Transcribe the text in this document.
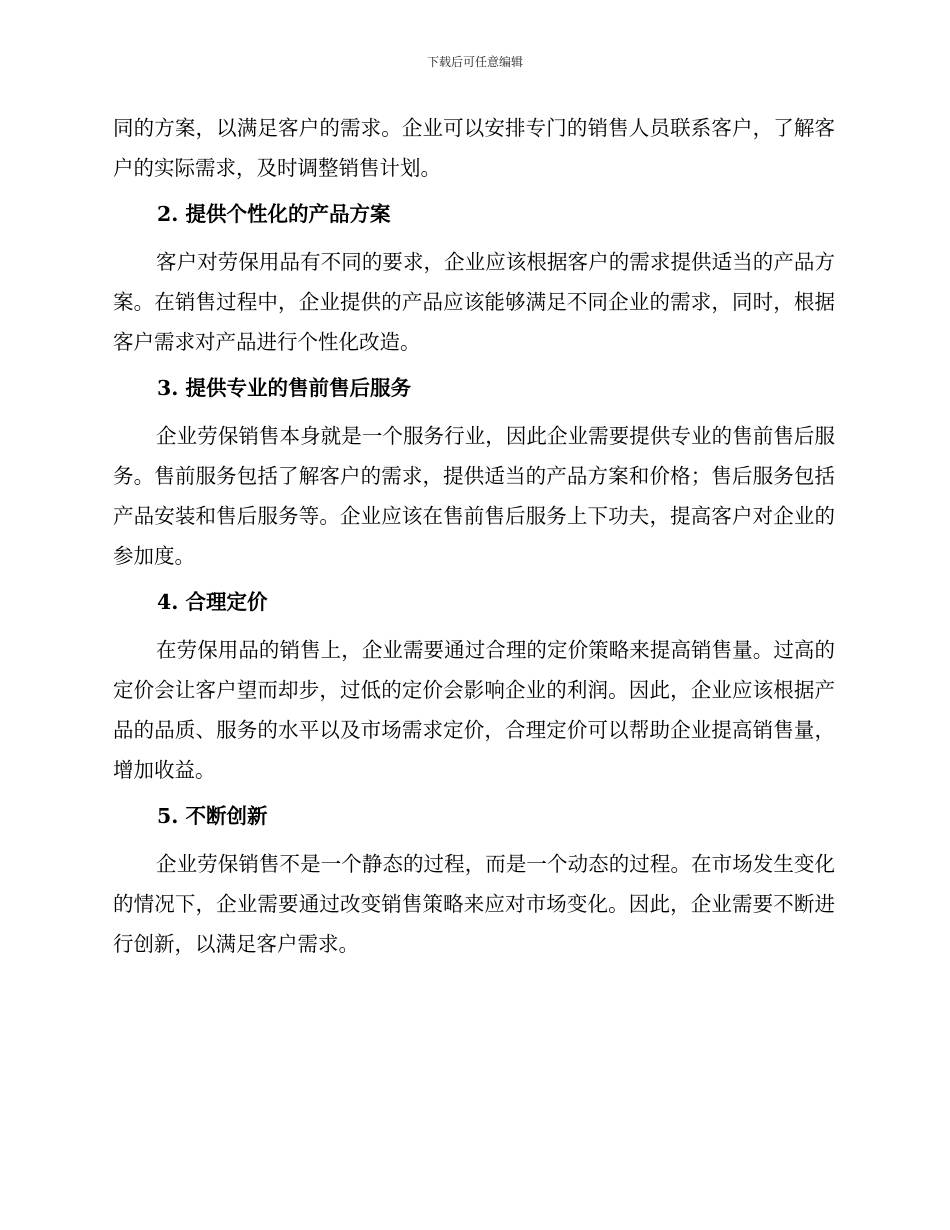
下载后可任意编辑

同的方案，以满足客户的需求。企业可以安排专门的销售人员联系客户，了解客户的实际需求，及时调整销售计划。

2. 提供个性化的产品方案

客户对劳保用品有不同的要求，企业应该根据客户的需求提供适当的产品方案。在销售过程中，企业提供的产品应该能够满足不同企业的需求，同时，根据客户需求对产品进行个性化改造。

3. 提供专业的售前售后服务

企业劳保销售本身就是一个服务行业，因此企业需要提供专业的售前售后服务。售前服务包括了解客户的需求，提供适当的产品方案和价格；售后服务包括产品安装和售后服务等。企业应该在售前售后服务上下功夫，提高客户对企业的参加度。

4. 合理定价

在劳保用品的销售上，企业需要通过合理的定价策略来提高销售量。过高的定价会让客户望而却步，过低的定价会影响企业的利润。因此，企业应该根据产品的品质、服务的水平以及市场需求定价，合理定价可以帮助企业提高销售量，增加收益。

5. 不断创新

企业劳保销售不是一个静态的过程，而是一个动态的过程。在市场发生变化的情况下，企业需要通过改变销售策略来应对市场变化。因此，企业需要不断进行创新，以满足客户需求。
